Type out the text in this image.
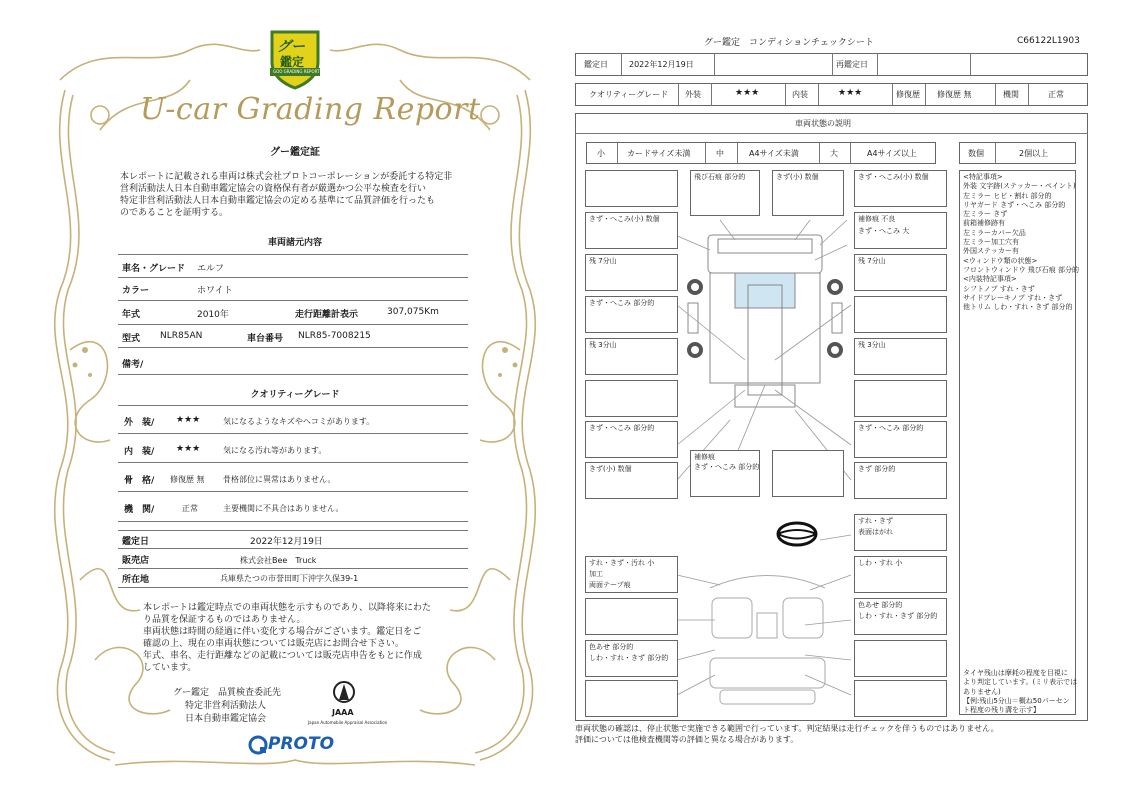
グー
鑑定
GOO GRADING REPORT
U-car Grading Report
グー鑑定証
本レポートに記載される車両は株式会社プロトコーポレーションが委託する特定非
営利活動法人日本自動車鑑定協会の資格保有者が厳選かつ公平な検査を行い
特定非営利活動法人日本自動車鑑定協会の定める基準にて品質評価を行ったも
のであることを証明する。
車両諸元内容
車名・グレード エルフ
カラー	ホワイト
年式	2010年	走行距離計表示	307,075Km
型式 NLR85AN	車台番号 NLR85-7008215
備考/
クオリティーグレード
外　装/ ★★★	気になるようなキズやヘコミがあります。
内　装/ ★★★	気になる汚れ等があります。
骨　格/ 修復歴 無 骨格部位に異常はありません。
機　関/	正常	主要機関に不具合はありません。
鑑定日	2022年12月19日
販売店	株式会社Bee　Truck
所在地	兵庫県たつの市誉田町下沖字久保39-1
本レポートは鑑定時点での車両状態を示すものであり、以降将来にわた
り品質を保証するものではありません。
車両状態は時間の経過に伴い変化する場合がございます。鑑定日をご
確認の上、現在の車両状態については販売店にお問合せ下さい。
年式、車名、走行距離などの記載については販売店申告をもとに作成
しています。
グー鑑定　品質検査委託先
特定非営利活動法人
日本自動車鑑定協会
JAAA
Japan Automobile Appraisal Association
PROTO
グー鑑定　コンディションチェックシート	C66122L1903
鑑定日	2022年12月19日	再鑑定日
クオリティーグレード 外装	★★★	内装	★★★	修復歴 修復歴 無	機関	正常
車両状態の説明
小	カードサイズ未満	中	A4サイズ未満	大	A4サイズ以上	数個	2個以上
<特記事項>
外装 文字跡(ステッカー・ペイント)
左ミラー ヒビ・割れ 部分的
リヤガード きず・へこみ 部分的
左ミラー きず
前箱補修跡有
左ミラーカバー欠品
左ミラー加工穴有
外国ステッカー有
<ウィンドウ類の状態>
フロントウィンドウ 飛び石痕 部分的
<内装特記事項>
シフトノブ すれ・きず
サイドブレーキノブ すれ・きず
他トリム しわ・すれ・きず 部分的
タイヤ残山は摩耗の程度を目視に
より判定しています。(ミリ表示では
ありません)
【例:残山5分山＝概ね50パーセン
ト程度の残り溝を示す】
きず・へこみ(小) 数個
残 7分山
きず・へこみ 部分的
残 3分山
きず・へこみ 部分的
きず(小) 数個
飛び石痕 部分的	きず(小) 数個
補修痕
きず・へこみ 部分的
きず・へこみ(小) 数個
補修痕 不良
きず・へこみ 大
残 7分山
残 3分山
きず・へこみ 部分的
きず 部分的
すれ・きず
表面はがれ
すれ・きず・汚れ 小
加工
両面テープ痕
しわ・すれ 小
色あせ 部分的
しわ・すれ・きず 部分的
色あせ 部分的
しわ・すれ・きず 部分的
車両状態の確認は、停止状態で実施できる範囲で行っています。判定結果は走行チェックを伴うものではありません。
評価については他検査機関等の評価と異なる場合があります。
